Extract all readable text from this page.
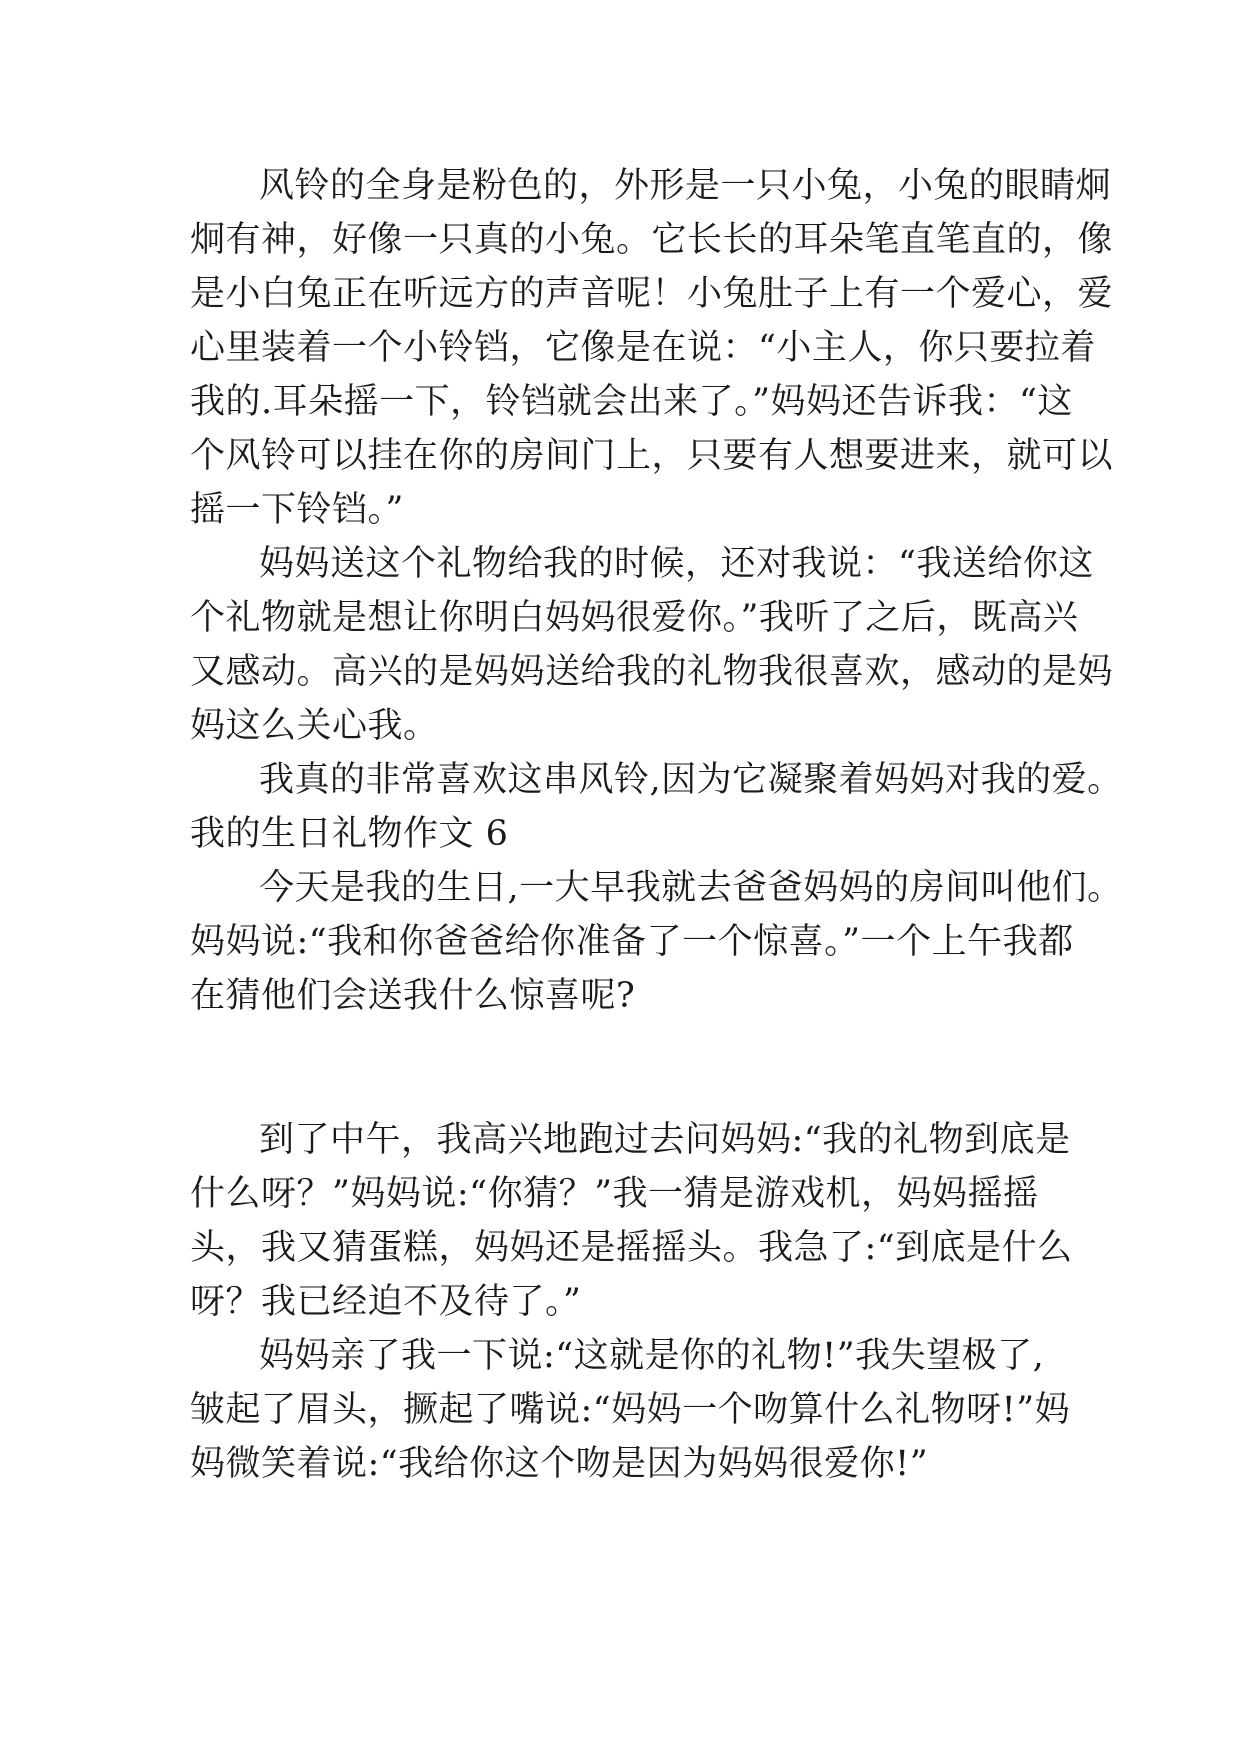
风铃的全身是粉色的，外形是一只小兔，小兔的眼睛炯
炯有神，好像一只真的小兔。它长长的耳朵笔直笔直的，像
是小白兔正在听远方的声音呢！小兔肚子上有一个爱心，爱
心里装着一个小铃铛，它像是在说：“小主人，你只要拉着
我的.耳朵摇一下，铃铛就会出来了。”妈妈还告诉我：“这
个风铃可以挂在你的房间门上，只要有人想要进来，就可以
摇一下铃铛。”
妈妈送这个礼物给我的时候，还对我说：“我送给你这
个礼物就是想让你明白妈妈很爱你。”我听了之后，既高兴
又感动。高兴的是妈妈送给我的礼物我很喜欢，感动的是妈
妈这么关心我。
我真的非常喜欢这串风铃,因为它凝聚着妈妈对我的爱。
我的生日礼物作文 6
今天是我的生日,一大早我就去爸爸妈妈的房间叫他们。
妈妈说:“我和你爸爸给你准备了一个惊喜。”一个上午我都
在猜他们会送我什么惊喜呢?
到了中午，我高兴地跑过去问妈妈:“我的礼物到底是
什么呀？”妈妈说:“你猜？”我一猜是游戏机，妈妈摇摇
头，我又猜蛋糕，妈妈还是摇摇头。我急了:“到底是什么
呀？我已经迫不及待了。”
妈妈亲了我一下说:“这就是你的礼物!”我失望极了,
皱起了眉头，撅起了嘴说:“妈妈一个吻算什么礼物呀!”妈
妈微笑着说:“我给你这个吻是因为妈妈很爱你!”
